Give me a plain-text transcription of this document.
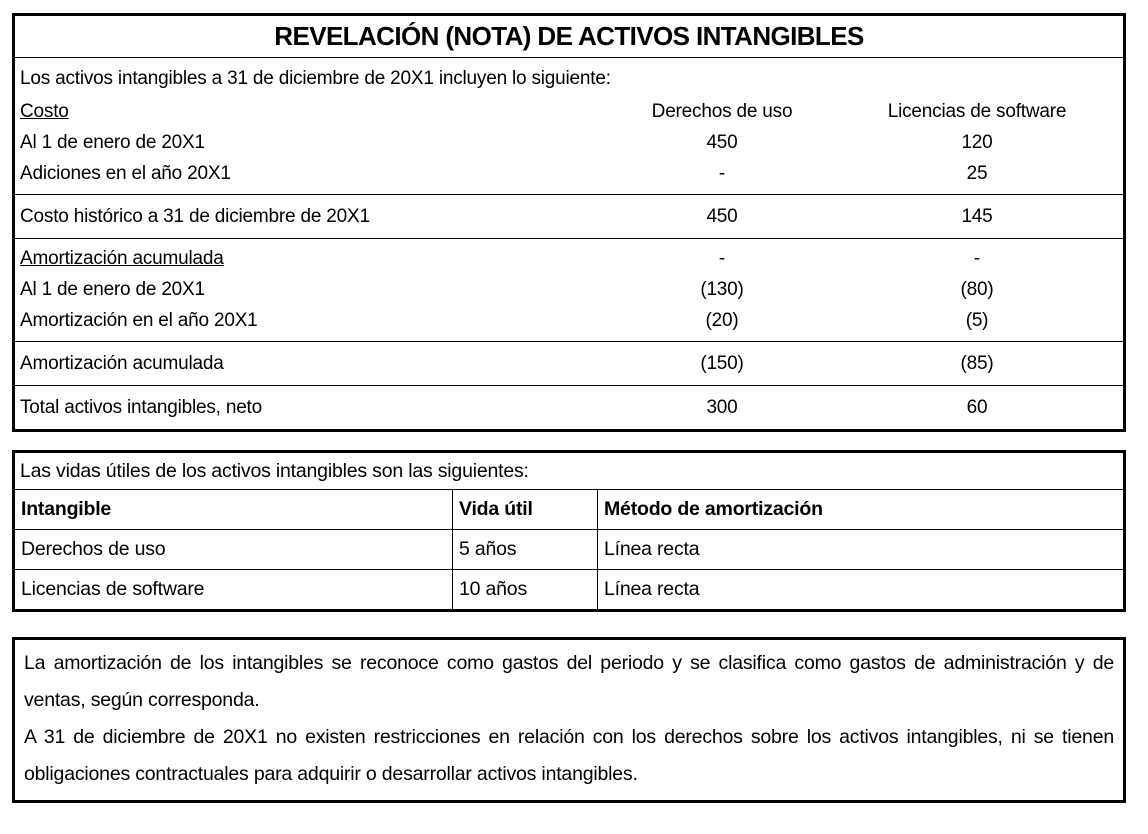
REVELACIÓN (NOTA) DE ACTIVOS INTANGIBLES
Los activos intangibles a 31 de diciembre de 20X1 incluyen lo siguiente:
Costo	Derechos de uso	Licencias de software
Al 1 de enero de 20X1	450	120
Adiciones en el año 20X1	-	25
Costo histórico a 31 de diciembre de 20X1	450	145
Amortización acumulada	-	-
Al 1 de enero de 20X1	(130)	(80)
Amortización en el año 20X1	(20)	(5)
Amortización acumulada	(150)	(85)
Total activos intangibles, neto	300	60
Las vidas útiles de los activos intangibles son las siguientes:
Intangible	Vida útil	Método de amortización
Derechos de uso	5 años	Línea recta
Licencias de software	10 años	Línea recta

La amortización de los intangibles se reconoce como gastos del periodo y se clasifica como gastos de administración y de ventas, según corresponda.

A 31 de diciembre de 20X1 no existen restricciones en relación con los derechos sobre los activos intangibles, ni se tienen obligaciones contractuales para adquirir o desarrollar activos intangibles.
